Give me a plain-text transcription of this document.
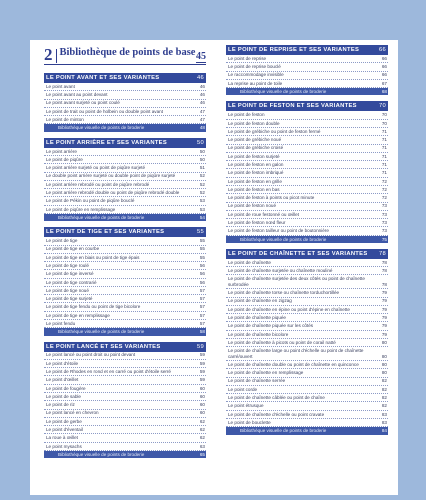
2 Bibliothèque de points de base 45
LE POINT AVANT ET SES VARIANTES	46
Le point avant	46
Le point avant au point devant	46
Le point avant surjeté ou point coulé	46
Le point de trait ou point de holbein ou double point avant	47
Le point de minton	47
Bibliothèque visuelle de points de broderie	48
LE POINT ARRIÈRE ET SES VARIANTES	50
Le point arrière	50
Le point de piqûre	50
Le point arrière surjeté ou point de piqûre surjeté	51
Le double point arrière surjeté ou double point de piqûre surjeté	52
Le point arrière rebrodé ou point de piqûre rebrodé	52
Le point arrière rebrodé double ou point de piqûre rebrodé double	52
Le point de Pékin ou point de piqûre bouclé	53
Le point de piqûre en remplissage	53
Bibliothèque visuelle de points de broderie	54
LE POINT DE TIGE ET SES VARIANTES	55
Le point de tige	55
Le point de tige en courbe	55
Le point de tige en biais ou point de tige épais	55
Le point de tige roulé	56
Le point de tige inversé	56
Le point de tige contrarié	56
Le point de tige noué	57
Le point de tige surjeté	57
Le point de tige fendu ou point de tige bicolore	57
Le point de tige en remplissage	57
Le point fendu	57
Bibliothèque visuelle de points de broderie	58
LE POINT LANCÉ ET SES VARIANTES	59
Le point lancé ou point droit ou point devant	59
Le point d'étoile	59
Le point de Rhodes en rond et en carré ou point d'étoile serré	59
Le point d'œillet	59
Le point de fougère	60
Le point de sable	60
Le point de riz	60
Le point lancé en chevron	60
Le point de gerbe	62
Le point d'éventail	62
La roue à œillet	62
Le point mysachs	63
Bibliothèque visuelle de points de broderie	65
LE POINT DE REPRISE ET SES VARIANTES	66
Le point de reprise	66
Le point de reprise bouclé	66
Le raccommodage invisible	66
La reprise au point de toile	67
Bibliothèque visuelle de points de broderie	68
LE POINT DE FESTON ET SES VARIANTES	70
Le point de feston	70
Le point de feston double	70
Le point de grébiche ou point de feston fermé	71
Le point de grébiche noué	71
Le point de grébiche croisé	71
Le point de feston surjeté	71
Le point de feston en galon	71
Le point de feston imbriqué	71
Le point de feston en grille	72
Le point de feston en bas	72
Le point de feston à points ou picot minute	72
Le point de feston noué	73
Le point de roue festonné ou œillet	73
Le point de feston nœd fleur	73
Le point de feston tailleur ou point de boutonnière	73
Bibliothèque visuelle de points de broderie	75
LE POINT DE CHAÎNETTE ET SES VARIANTES	78
Le point de chaînette	78
Le point de chaînette surjetée ou chaînette mouliné	78
Le point de chaînette surjetée des deux côtés ou point de chaînette surbrodée	78
Le point de chaînette torse ou chaînette torduchortillée	79
Le point de chaînette en zigzag	79
Le point de chaînette en épine ou point d'épine en chaînette	79
Le point de chaînette piquée	79
Le point de chaînette piquée sur les côtés	79
Le point de chaînette bicolore	79
Le point de chaînette à picots ou point de corail natté	80
Le point de chaînette large ou point d'échelle ou point de chaînette carré/ouvert	80
Le point de chaînette double ou point de chaînette en quinconce	80
Le point de chaînette en remplissage	80
Le point de chaînette serrée	82
Le point corde	82
Le point de chaînette câblée ou point de chaîne	82
Le point étrusque	82
Le point de chaînette d'échelle ou point cravate	83
Le point de bouclette	83
Bibliothèque visuelle de points de broderie	84
